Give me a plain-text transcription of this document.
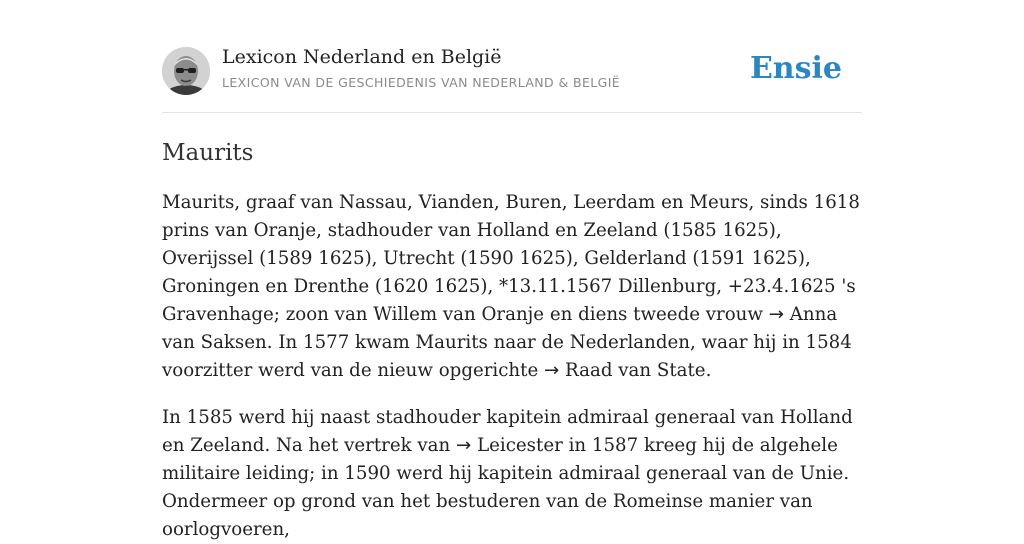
Lexicon Nederland en België
LEXICON VAN DE GESCHIEDENIS VAN NEDERLAND & BELGIË	Ensie
Maurits

Maurits, graaf van Nassau, Vianden, Buren, Leerdam en Meurs, sinds 1618 prins van Oranje, stadhouder van Holland en Zeeland (1585 1625), Overijssel (1589 1625), Utrecht (1590 1625), Gelderland (1591 1625), Groningen en Drenthe (1620 1625), *13.11.1567 Dillenburg, +23.4.1625 's Gravenhage; zoon van Willem van Oranje en diens tweede vrouw → Anna van Saksen. In 1577 kwam Maurits naar de Nederlanden, waar hij in 1584 voorzitter werd van de nieuw opgerichte → Raad van State.

In 1585 werd hij naast stadhouder kapitein admiraal generaal van Holland en Zeeland. Na het vertrek van → Leicester in 1587 kreeg hij de algehele militaire leiding; in 1590 werd hij kapitein admiraal generaal van de Unie. Ondermeer op grond van het bestuderen van de Romeinse manier van oorlogvoeren,
